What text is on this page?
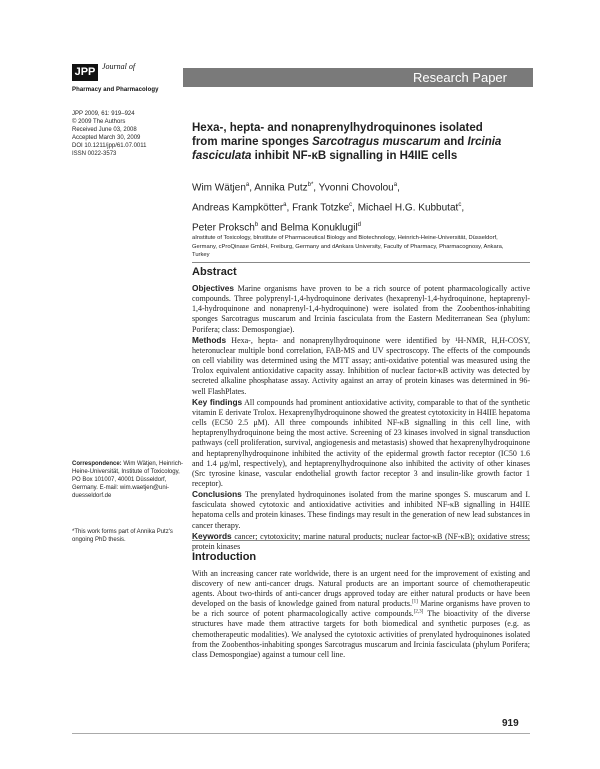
JPP Journal of
Pharmacy and Pharmacology
Research Paper
JPP 2009, 61: 919–924
© 2009 The Authors
Received June 03, 2008
Accepted March 30, 2009
DOI 10.1211/jpp/61.07.0011
ISSN 0022-3573
Hexa-, hepta- and nonaprenylhydroquinones isolated from marine sponges Sarcotragus muscarum and Ircinia fasciculata inhibit NF-κB signalling in H4IIE cells
Wim Wätjen$^a$, Annika Putz$^{b*}$, Yvonni Chovolou$^a$,
Andreas Kampkötter$^a$, Frank Totzke$^c$, Michael H.G. Kubbutat$^c$,
Peter Proksch$^b$ and Belma Konuklugil$^d$
aInstitute of Toxicology, bInstitute of Pharmaceutical Biology and Biotechnology, Heinrich-Heine-Universität, Düsseldorf, Germany, cProQinase GmbH, Freiburg, Germany and dAnkara University, Faculty of Pharmacy, Pharmacognosy, Ankara, Turkey
Abstract

Objectives Marine organisms have proven to be a rich source of potent pharmacologically active compounds. Three polyprenyl-1,4-hydroquinone derivates (hexaprenyl-1,4-hydroquinone, heptaprenyl-1,4-hydroquinone and nonaprenyl-1,4-hydroquinone) were isolated from the Zoobenthos-inhabiting sponges Sarcotragus muscarum and Ircinia fasciculata from the Eastern Mediterranean Sea (phylum: Porifera; class: Demospongiae).

Methods Hexa-, hepta- and nonaprenylhydroquinone were identified by ¹H-NMR, H,H-COSY, heteronuclear multiple bond correlation, FAB-MS and UV spectroscopy. The effects of the compounds on cell viability was determined using the MTT assay; anti-oxidative potential was measured using the Trolox equivalent antioxidative capacity assay. Inhibition of nuclear factor-κB activity was detected by secreted alkaline phosphatase assay. Activity against an array of protein kinases was determined in 96-well FlashPlates.

Key findings All compounds had prominent antioxidative activity, comparable to that of the synthetic vitamin E derivate Trolox. Hexaprenylhydroquinone showed the greatest cytotoxicity in H4IIE hepatoma cells (EC50 2.5 μM). All three compounds inhibited NF-κB signalling in this cell line, with heptaprenylhydroquinone being the most active. Screening of 23 kinases involved in signal transduction pathways (cell proliferation, survival, angiogenesis and metastasis) showed that hexaprenylhydroquinone and heptaprenylhydroquinone inhibited the activity of the epidermal growth factor receptor (IC50 1.6 and 1.4 μg/ml, respectively), and heptaprenylhydroquinone also inhibited the activity of other kinases (Src tyrosine kinase, vascular endothelial growth factor receptor 3 and insulin-like growth factor 1 receptor).

Conclusions The prenylated hydroquinones isolated from the marine sponges S. muscarum and I. fasciculata showed cytotoxic and antioxidative activities and inhibited NF-κB signalling in H4IIE hepatoma cells and protein kinases. These findings may result in the generation of new lead substances in cancer therapy.

Keywords cancer; cytotoxicity; marine natural products; nuclear factor-κB (NF-κB); oxidative stress; protein kinases

Introduction
With an increasing cancer rate worldwide, there is an urgent need for the improvement of existing and discovery of new anti-cancer drugs. Natural products are an important source of chemotherapeutic agents. About two-thirds of anti-cancer drugs approved today are either natural products or have been developed on the basis of knowledge gained from natural products.[1] Marine organisms have proven to be a rich source of potent pharmacologically active compounds.[2,3] The bioactivity of the diverse structures have made them attractive targets for both biomedical and synthetic purposes (e.g. as chemotherapeutic modalities). We analysed the cytotoxic activities of prenylated hydroquinones isolated from the Zoobenthos-inhabiting sponges Sarcotragus muscarum and Ircinia fasciculata (phylum Porifera; class Demospongiae) against a tumour cell line.
Correspondence: Wim Wätjen, Heinrich-Heine-Universität, Institute of Toxicology, PO Box 101007, 40001 Düsseldorf, Germany. E-mail: wim.waetjen@uni-duesseldorf.de
*This work forms part of Annika Putz's ongoing PhD thesis.
919
